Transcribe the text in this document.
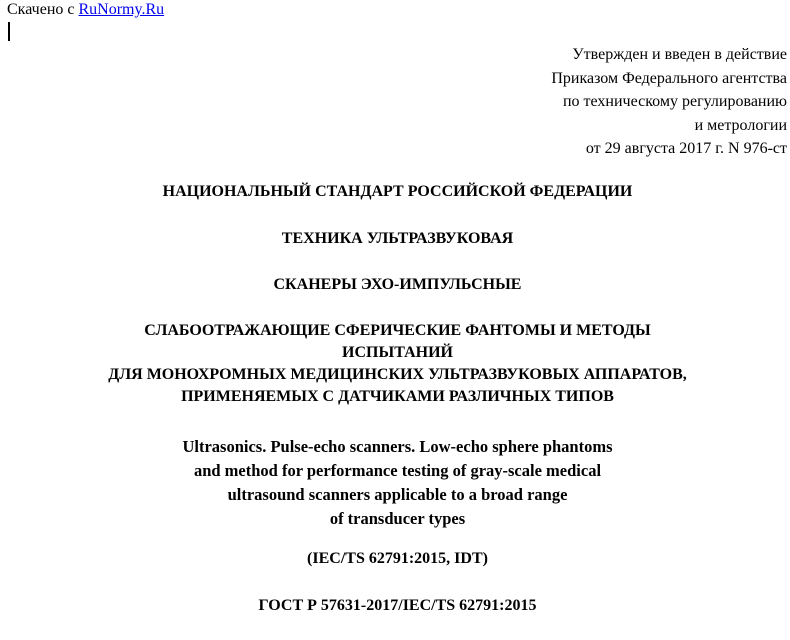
Скачено с RuNormy.Ru
Утвержден и введен в действие
Приказом Федерального агентства
по техническому регулированию
и метрологии
от 29 августа 2017 г. N 976-ст
НАЦИОНАЛЬНЫЙ СТАНДАРТ РОССИЙСКОЙ ФЕДЕРАЦИИ
ТЕХНИКА УЛЬТРАЗВУКОВАЯ
СКАНЕРЫ ЭХО-ИМПУЛЬСНЫЕ
СЛАБООТРАЖАЮЩИЕ СФЕРИЧЕСКИЕ ФАНТОМЫ И МЕТОДЫ
ИСПЫТАНИЙ
ДЛЯ МОНОХРОМНЫХ МЕДИЦИНСКИХ УЛЬТРАЗВУКОВЫХ АППАРАТОВ,
ПРИМЕНЯЕМЫХ С ДАТЧИКАМИ РАЗЛИЧНЫХ ТИПОВ
Ultrasonics. Pulse-echo scanners. Low-echo sphere phantoms
and method for performance testing of gray-scale medical
ultrasound scanners applicable to a broad range
of transducer types
(IEC/TS 62791:2015, IDT)
ГОСТ Р 57631-2017/IEC/TS 62791:2015
